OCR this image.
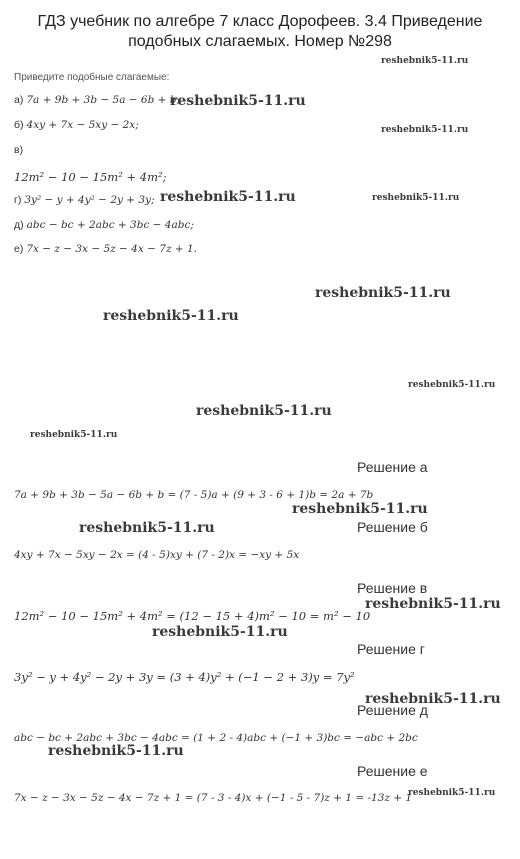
ГДЗ учебник по алгебре 7 класс Дорофеев. 3.4 Приведение
подобных слагаемых. Номер №298
Приведите подобные слагаемые:
а) 7a + 9b + 3b − 5a − 6b + b;
б) 4xy + 7x − 5xy − 2x;
в)
12m² − 10 − 15m² + 4m²;
г) 3y² − y + 4y² − 2y + 3y;
д) abc − bc + 2abc + 3bc − 4abc;
е) 7x − z − 3x − 5z − 4x − 7z + 1.
Решение а
7a + 9b + 3b − 5a − 6b + b = (7 - 5)a + (9 + 3 - 6 + 1)b = 2a + 7b
Решение б
4xy + 7x − 5xy − 2x = (4 - 5)xy + (7 - 2)x = −xy + 5x
Решение в
12m² − 10 − 15m² + 4m² = (12 − 15 + 4)m² − 10 = m² − 10
Решение г
3y² − y + 4y² − 2y + 3y = (3 + 4)y² + (−1 − 2 + 3)y = 7y²
Решение д
abc − bc + 2abc + 3bc − 4abc = (1 + 2 - 4)abc + (−1 + 3)bc = −abc + 2bc
Решение е
7x − z − 3x − 5z − 4x − 7z + 1 = (7 - 3 - 4)x + (−1 - 5 - 7)z + 1 = -13z + 1
reshebnik5-11.ru
reshebnik5-11.ru
reshebnik5-11.ru
reshebnik5-11.ru	reshebnik5-11.ru
reshebnik5-11.ru
reshebnik5-11.ru
reshebnik5-11.ru
reshebnik5-11.ru
reshebnik5-11.ru
reshebnik5-11.ru
reshebnik5-11.ru
reshebnik5-11.ru
reshebnik5-11.ru
reshebnik5-11.ru
reshebnik5-11.ru
reshebnik5-11.ru
